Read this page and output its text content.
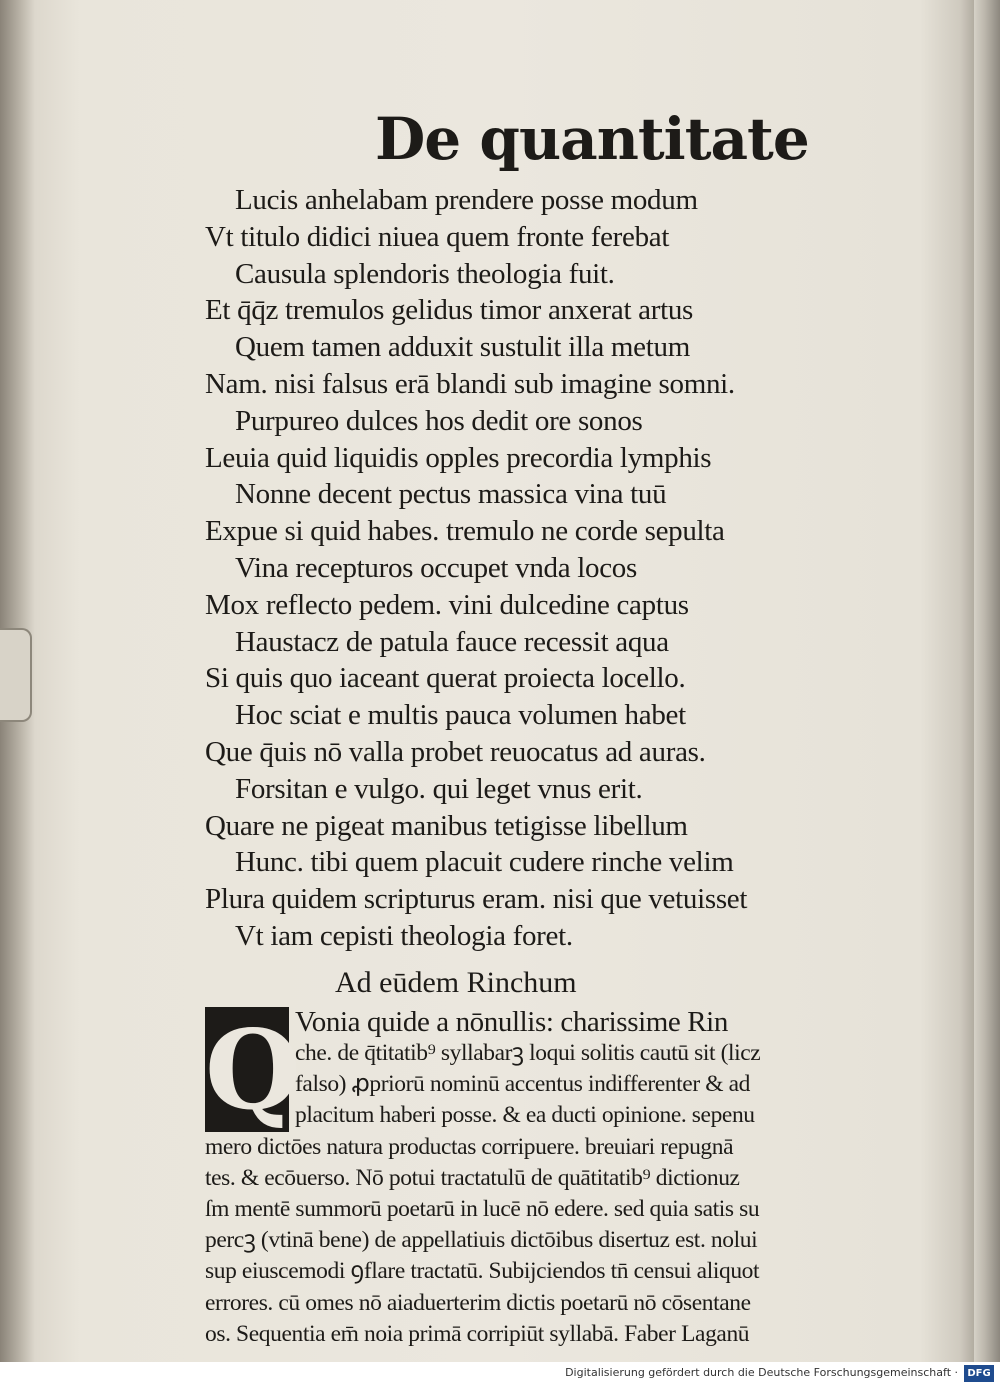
De quantitate
Lucis anhelabam prendere posse modum
Vt titulo didici niuea quem fronte ferebat
Causula splendoris theologia fuit.
Et q̄q̄z tremulos gelidus timor anxerat artus
Quem tamen adduxit sustulit illa metum
Nam. nisi falsus erā blandi sub imagine somni.
Purpureo dulces hos dedit ore sonos
Leuia quid liquidis opples precordia lymphis
Nonne decent pectus massica vina tuū
Expue si quid habes. tremulo ne corde sepulta
Vina recepturos occupet vnda locos
Mox reflecto pedem. vini dulcedine captus
Haustacz de patula fauce recessit aqua
Si quis quo iaceant querat proiecta locello.
Hoc sciat e multis pauca volumen habet
Que q̄uis nō valla probet reuocatus ad auras.
Forsitan e vulgo. qui leget vnus erit.
Quare ne pigeat manibus tetigisse libellum
Hunc. tibi quem placuit cudere rinche velim
Plura quidem scripturus eram. nisi que vetuisset
Vt iam cepisti theologia foret.
Ad eūdem Rinchum
Q
Vonia quide a nōnullis: charissime Rin
che. de q̄titatib⁹ syllabarꝫ loqui solitis cautū sit (licz
falso) ꝓpriorū nominū accentus indifferenter & ad
placitum haberi posse. & ea ducti opinione. sepenu
mero dictōes natura productas corripuere. breuiari repugnā
tes. & ecōuerso. Nō potui tractatulū de quātitatib⁹ dictionuz
ſm mentē summorū poetarū in lucē nō edere. sed quia satis su
percꝫ (vtinā bene) de appellatiuis dictōibus disertuz est. nolui
sup eiuscemodi ꝯflare tractatū. Subijciendos tn̄ censui aliquot
errores. cū omes nō aiaduerterim dictis poetarū nō cōsentane
os. Sequentia em̄ noia primā corripiūt syllabā. Faber Laganū
Digitalisierung gefördert durch die Deutsche Forschungsgemeinschaft · DFG
